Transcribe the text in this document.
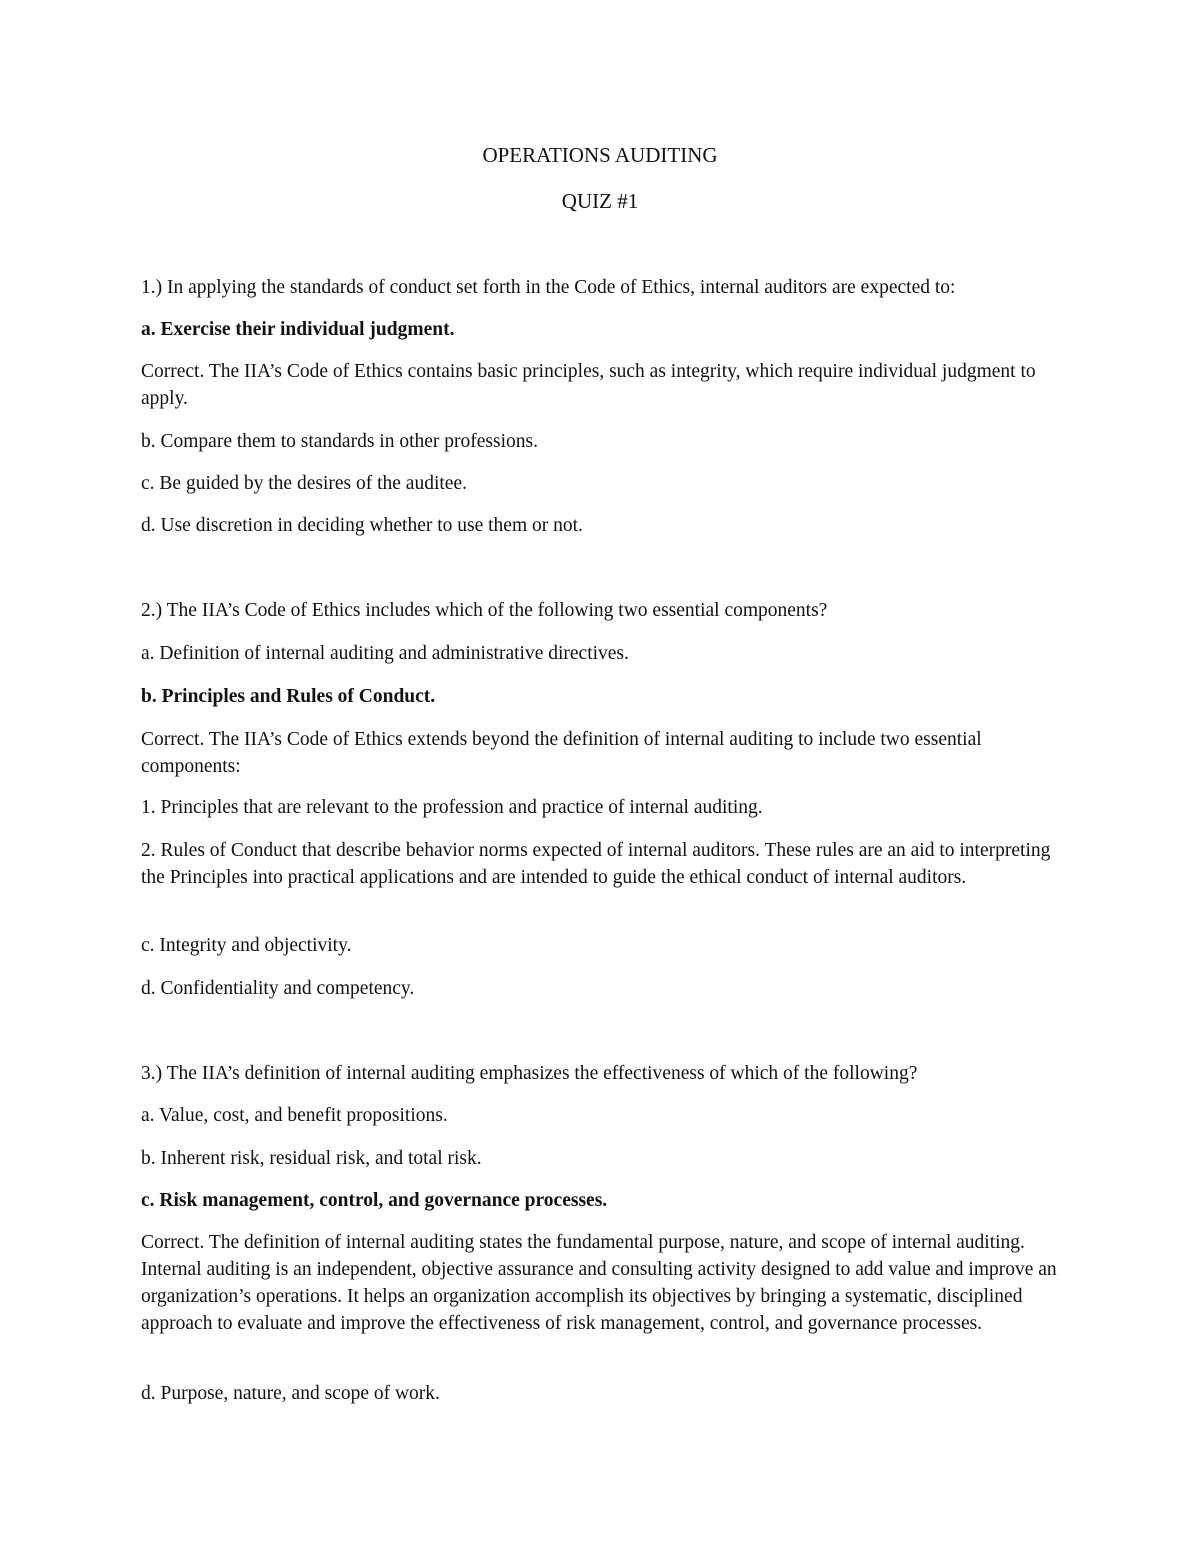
OPERATIONS AUDITING
QUIZ #1

1.) In applying the standards of conduct set forth in the Code of Ethics, internal auditors are expected to:

a. Exercise their individual judgment.

Correct. The IIA’s Code of Ethics contains basic principles, such as integrity, which require individual judgment to apply.

b. Compare them to standards in other professions.

c. Be guided by the desires of the auditee.

d. Use discretion in deciding whether to use them or not.

2.) The IIA’s Code of Ethics includes which of the following two essential components?

a. Definition of internal auditing and administrative directives.

b. Principles and Rules of Conduct.

Correct. The IIA’s Code of Ethics extends beyond the definition of internal auditing to include two essential components:

1. Principles that are relevant to the profession and practice of internal auditing.

2. Rules of Conduct that describe behavior norms expected of internal auditors. These rules are an aid to interpreting the Principles into practical applications and are intended to guide the ethical conduct of internal auditors.

c. Integrity and objectivity.

d. Confidentiality and competency.

3.) The IIA’s definition of internal auditing emphasizes the effectiveness of which of the following?

a. Value, cost, and benefit propositions.

b. Inherent risk, residual risk, and total risk.

c. Risk management, control, and governance processes.

Correct. The definition of internal auditing states the fundamental purpose, nature, and scope of internal auditing. Internal auditing is an independent, objective assurance and consulting activity designed to add value and improve an organization’s operations. It helps an organization accomplish its objectives by bringing a systematic, disciplined approach to evaluate and improve the effectiveness of risk management, control, and governance processes.

d. Purpose, nature, and scope of work.
